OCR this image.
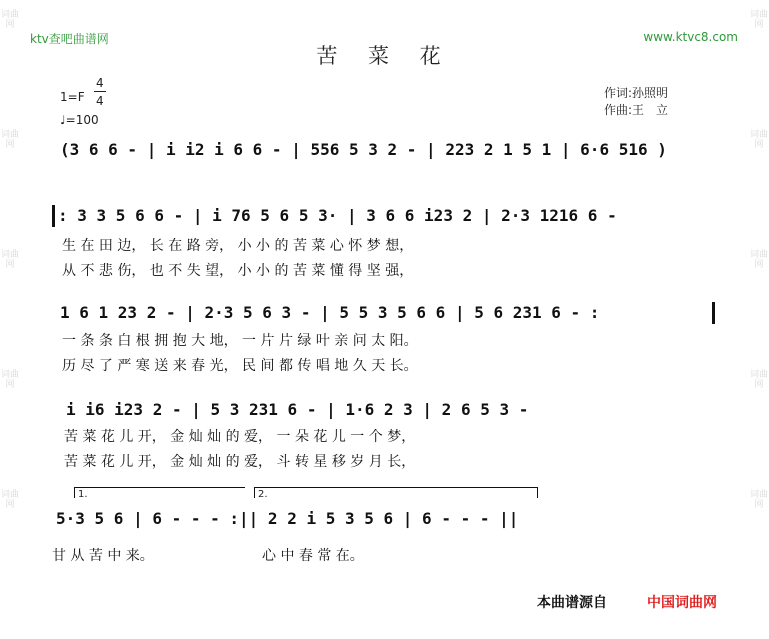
词曲网
词曲网
词曲网
词曲网
词曲网
词曲网
词曲网
词曲网
词曲网
词曲网
ktv查吧曲谱网	www.ktvc8.com
苦 菜 花
1=F
4
4
♩=100
作词:孙照明
作曲:王　立
(3 6 6 - | i i2 i 6 6 - | 556 5 3 2 - | 223 2 1 5 1 | 6·6 516 )
: 3 3 5 6 6 - | i 76 5 6 5 3· | 3 6 6 i23 2 | 2·3 1216 6 -
生 在 田 边， 长 在 路 旁， 小 小 的 苦 菜 心 怀 梦 想，
从 不 悲 伤， 也 不 失 望， 小 小 的 苦 菜 懂 得 坚 强，
1 6 1 23 2 - | 2·3 5 6 3 - | 5 5 3 5 6 6 | 5 6 231 6 - :
一 条 条 白 根 拥 抱 大 地， 一 片 片 绿 叶 亲 问 太 阳。
历 尽 了 严 寒 送 来 春 光， 民 间 都 传 唱 地 久 天 长。
i i6 i23 2 - | 5 3 231 6 - | 1·6 2 3 | 2 6 5 3 -
苦 菜 花 儿 开， 金 灿 灿 的 爱， 一 朵 花 儿 一 个 梦，
苦 菜 花 儿 开， 金 灿 灿 的 爱， 斗 转 星 移 岁 月 长，
1.	2.
5·3 5 6 | 6 - - - :|| 2 2 i 5 3 5 6 | 6 - - - ||
甘 从 苦 中 来。	心 中 春 常 在。
本曲谱源自	中国词曲网
